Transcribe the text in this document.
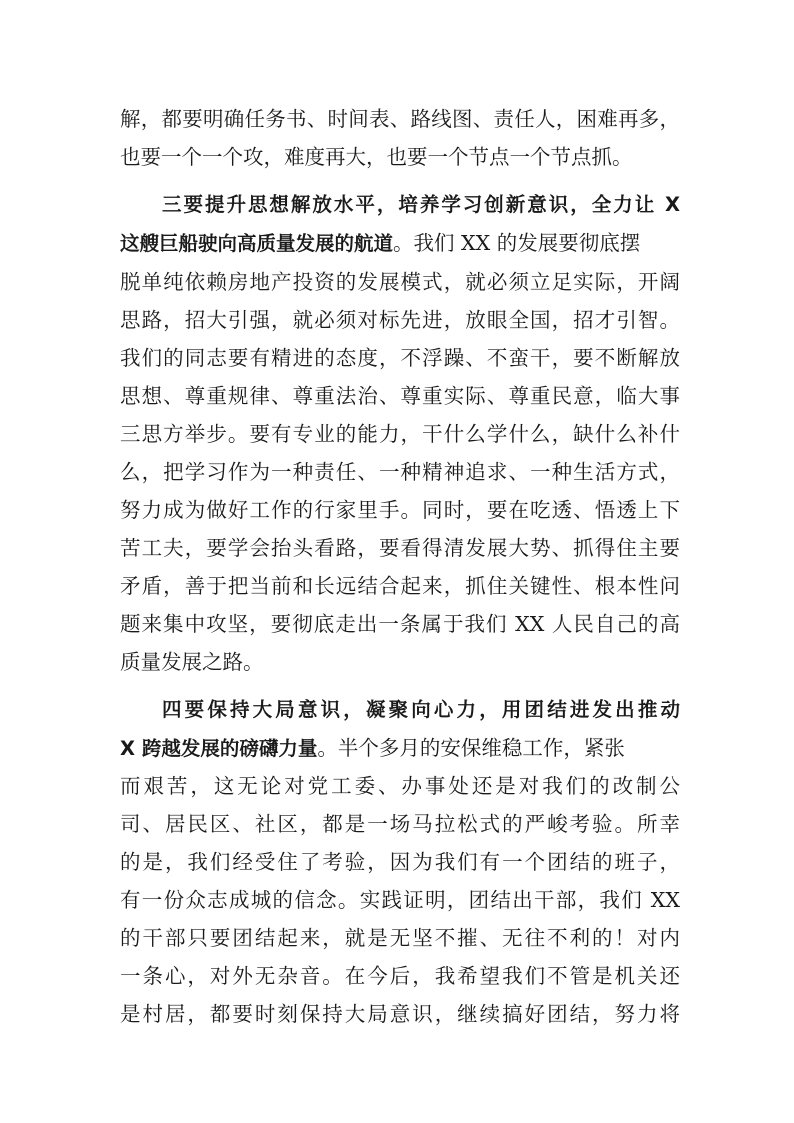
解，都要明确任务书、时间表、路线图、责任人，困难再多，
也要一个一个攻，难度再大，也要一个节点一个节点抓。
三要提升思想解放水平，培养学习创新意识，全力让 X
这艘巨船驶向高质量发展的航道。我们 XX 的发展要彻底摆
脱单纯依赖房地产投资的发展模式，就必须立足实际，开阔
思路，招大引强，就必须对标先进，放眼全国，招才引智。
我们的同志要有精进的态度，不浮躁、不蛮干，要不断解放
思想、尊重规律、尊重法治、尊重实际、尊重民意，临大事
三思方举步。要有专业的能力，干什么学什么，缺什么补什
么，把学习作为一种责任、一种精神追求、一种生活方式，
努力成为做好工作的行家里手。同时，要在吃透、悟透上下
苦工夫，要学会抬头看路，要看得清发展大势、抓得住主要
矛盾，善于把当前和长远结合起来，抓住关键性、根本性问
题来集中攻坚，要彻底走出一条属于我们 XX 人民自己的高
质量发展之路。
四要保持大局意识，凝聚向心力，用团结进发出推动
X 跨越发展的磅礴力量。半个多月的安保维稳工作，紧张
而艰苦，这无论对党工委、办事处还是对我们的改制公
司、居民区、社区，都是一场马拉松式的严峻考验。所幸
的是，我们经受住了考验，因为我们有一个团结的班子，
有一份众志成城的信念。实践证明，团结出干部，我们 XX
的干部只要团结起来，就是无坚不摧、无往不利的！对内
一条心，对外无杂音。在今后，我希望我们不管是机关还
是村居，都要时刻保持大局意识，继续搞好团结，努力将
